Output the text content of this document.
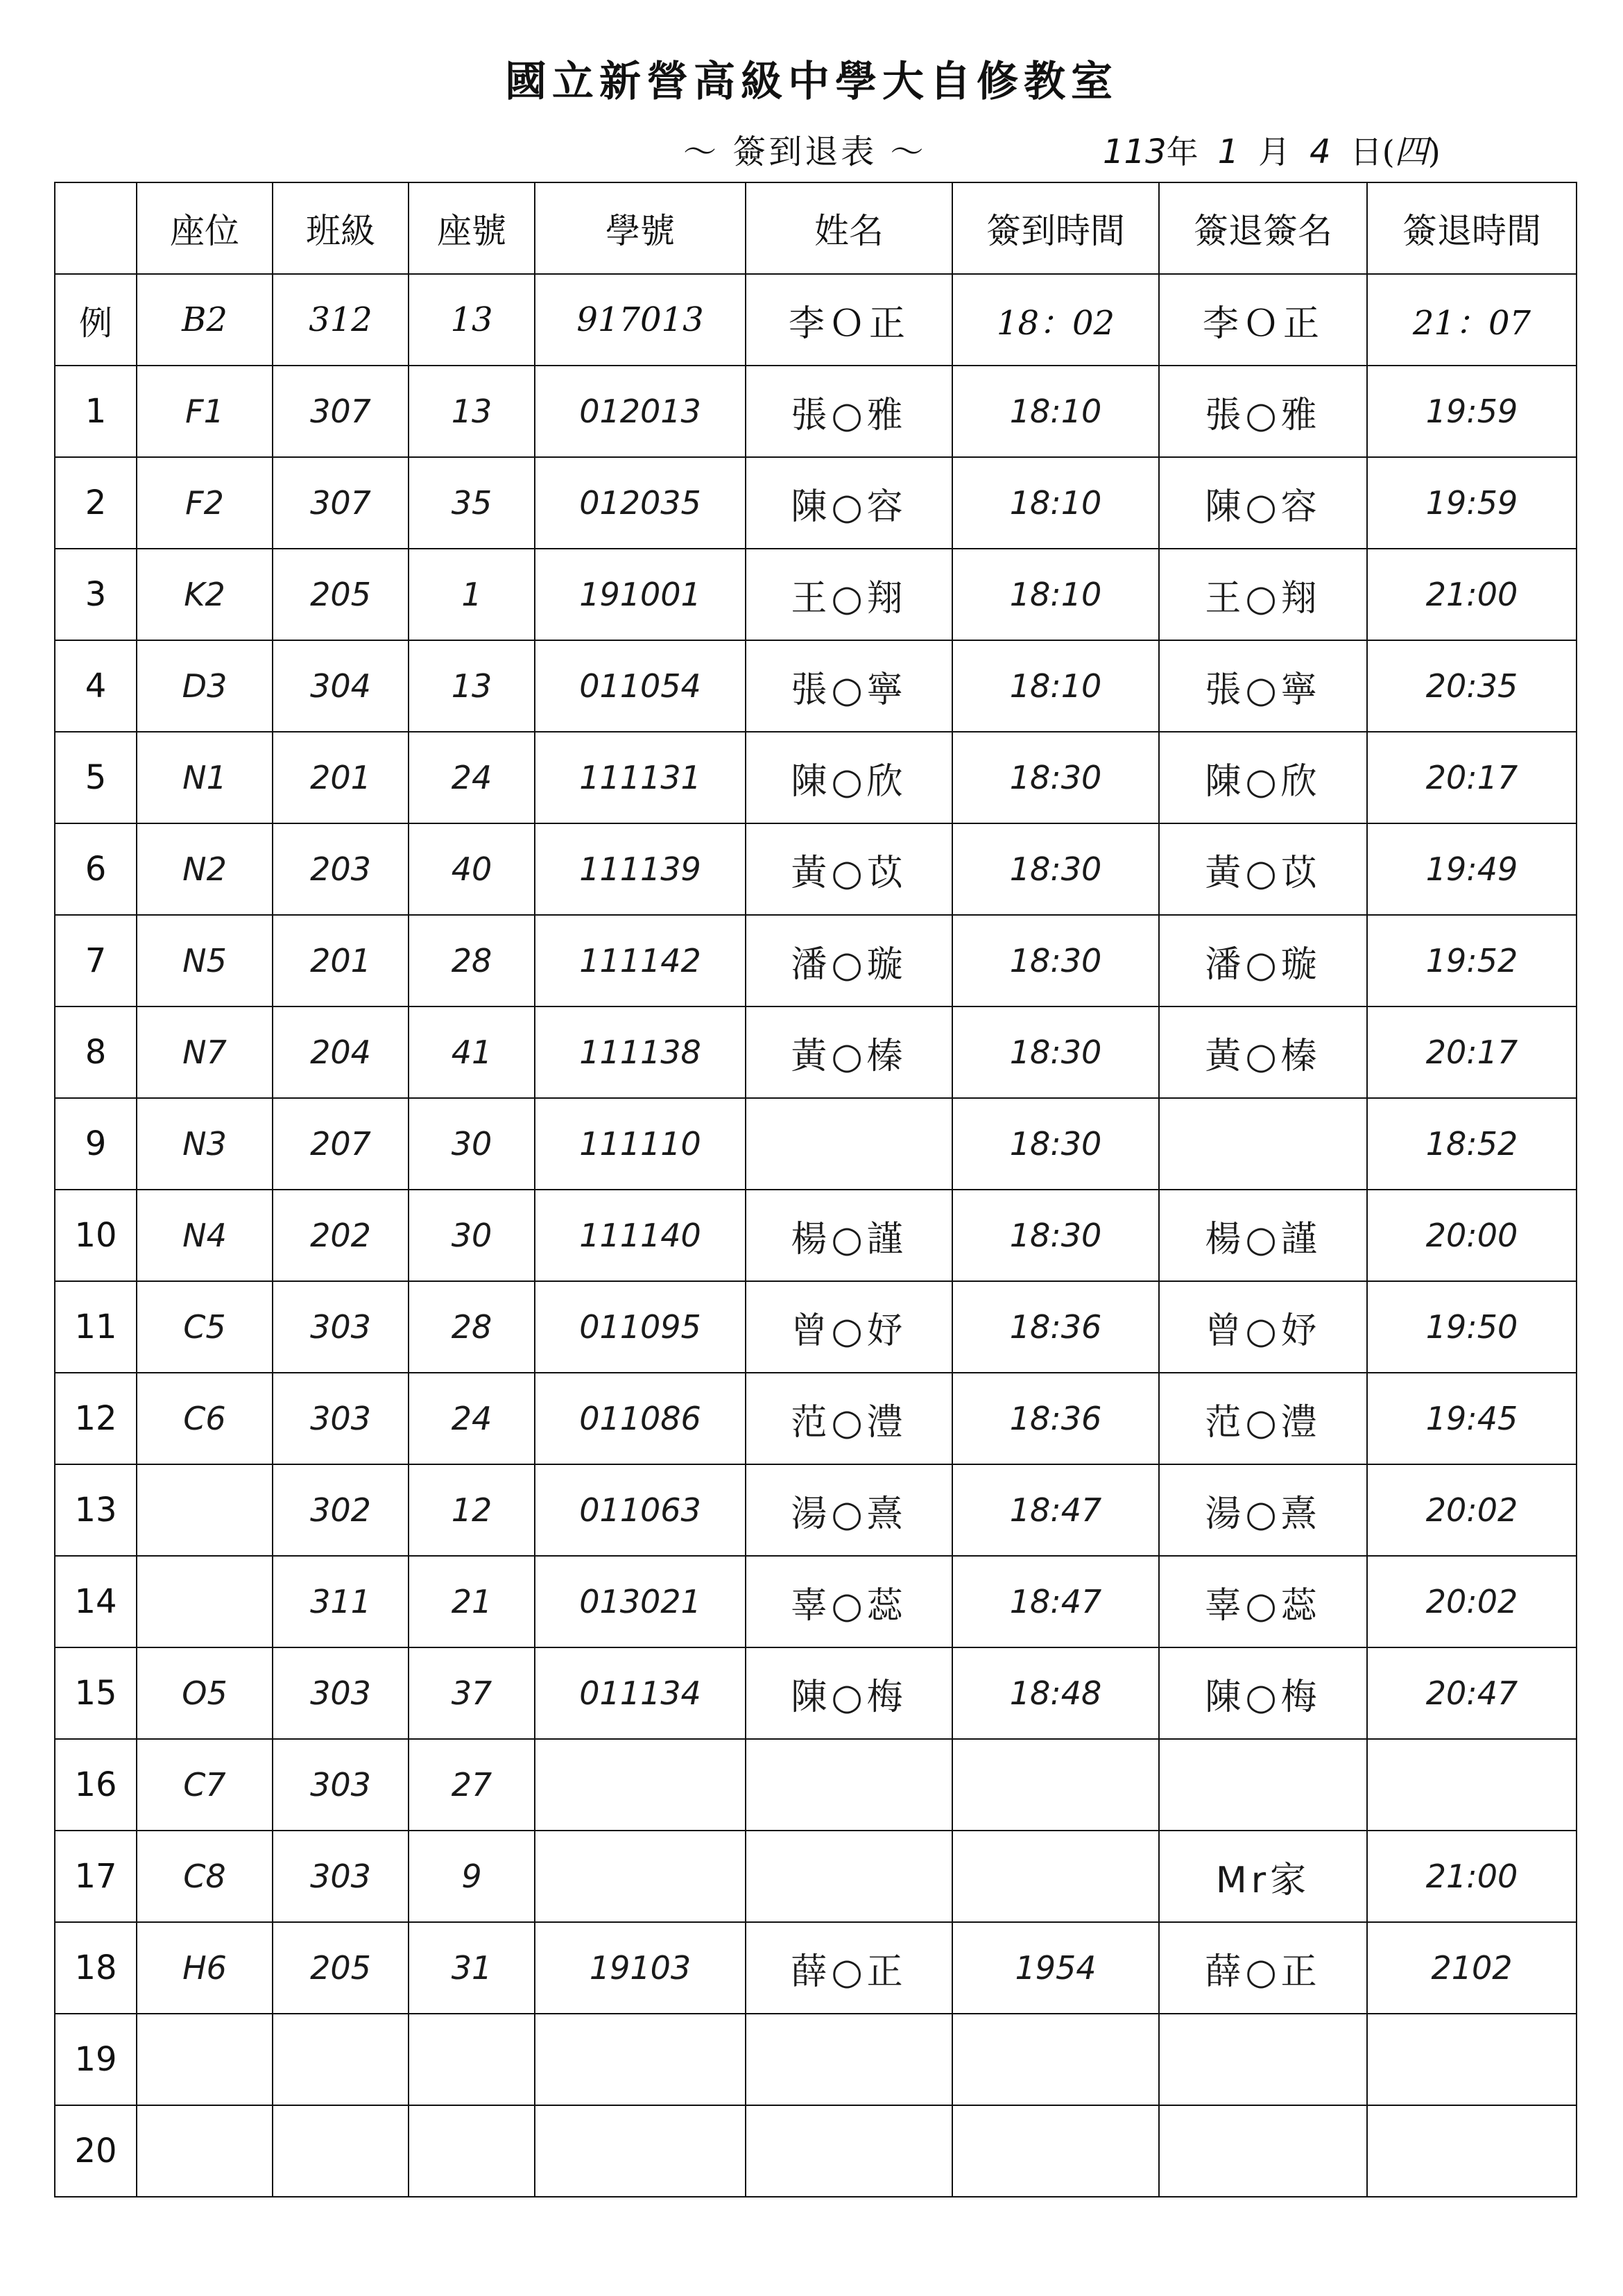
國立新營高級中學大自修教室
〜 簽到退表 〜	113年 1 月 4 日(四)
	座位	班級	座號	學號	姓名	簽到時間	簽退簽名	簽退時間
例	B2	312	13	917013	李Ｏ正	18：02	李Ｏ正	21：07
1	F1	307	13	012013	張○雅	18:10	張○雅	19:59
2	F2	307	35	012035	陳○容	18:10	陳○容	19:59
3	K2	205	1	191001	王○翔	18:10	王○翔	21:00
4	D3	304	13	011054	張○寧	18:10	張○寧	20:35
5	N1	201	24	111131	陳○欣	18:30	陳○欣	20:17
6	N2	203	40	111139	黃○苡	18:30	黃○苡	19:49
7	N5	201	28	111142	潘○璇	18:30	潘○璇	19:52
8	N7	204	41	111138	黃○榛	18:30	黃○榛	20:17
9	N3	207	30	111110		18:30		18:52
10	N4	202	30	111140	楊○謹	18:30	楊○謹	20:00
11	C5	303	28	011095	曾○妤	18:36	曾○妤	19:50
12	C6	303	24	011086	范○澧	18:36	范○澧	19:45
13		302	12	011063	湯○熹	18:47	湯○熹	20:02
14		311	21	013021	辜○蕊	18:47	辜○蕊	20:02
15	O5	303	37	011134	陳○梅	18:48	陳○梅	20:47
16	C7	303	27					
17	C8	303	9				Mr家	21:00
18	H6	205	31	19103	薛○正	1954	薛○正	2102
19								
20								
